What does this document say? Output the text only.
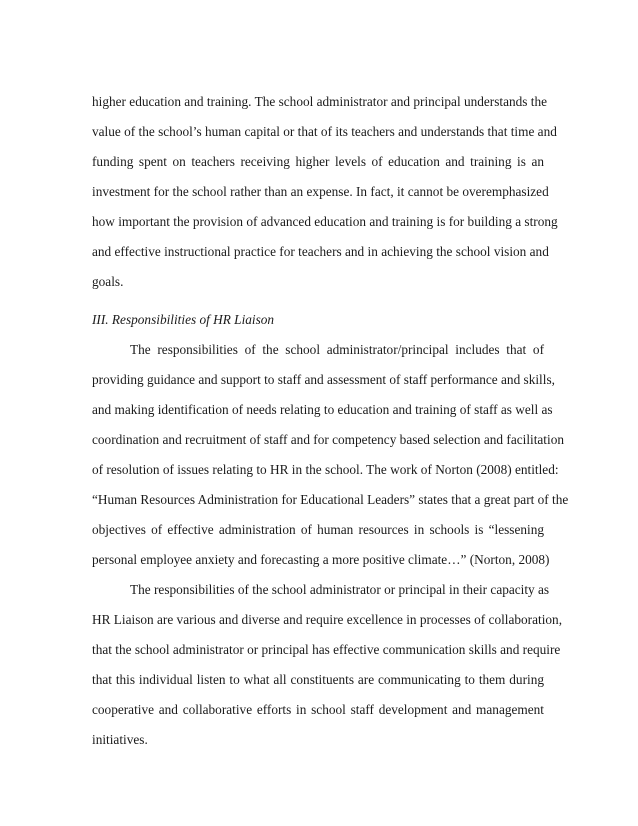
higher education and training. The school administrator and principal understands the
value of the school’s human capital or that of its teachers and understands that time and
funding spent on teachers receiving higher levels of education and training is an
investment for the school rather than an expense. In fact, it cannot be overemphasized
how important the provision of advanced education and training is for building a strong
and effective instructional practice for teachers and in achieving the school vision and
goals.
III. Responsibilities of HR Liaison
The responsibilities of the school administrator/principal includes that of
providing guidance and support to staff and assessment of staff performance and skills,
and making identification of needs relating to education and training of staff as well as
coordination and recruitment of staff and for competency based selection and facilitation
of resolution of issues relating to HR in the school. The work of Norton (2008) entitled:
“Human Resources Administration for Educational Leaders” states that a great part of the
objectives of effective administration of human resources in schools is “lessening
personal employee anxiety and forecasting a more positive climate…” (Norton, 2008)
The responsibilities of the school administrator or principal in their capacity as
HR Liaison are various and diverse and require excellence in processes of collaboration,
that the school administrator or principal has effective communication skills and require
that this individual listen to what all constituents are communicating to them during
cooperative and collaborative efforts in school staff development and management
initiatives.
